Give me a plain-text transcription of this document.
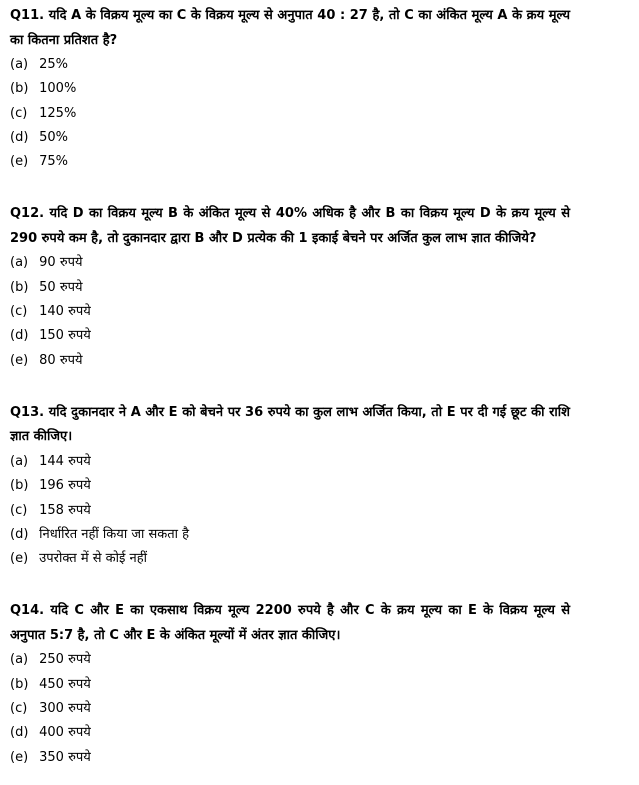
Q11. यदि A के विक्रय मूल्य का C के विक्रय मूल्य से अनुपात 40 : 27 है, तो C का अंकित मूल्य A के क्रय मूल्य का कितना प्रतिशत है?

(a) 25%

(b) 100%

(c) 125%

(d) 50%

(e) 75%

Q12. यदि D का विक्रय मूल्य B के अंकित मूल्य से 40% अधिक है और B का विक्रय मूल्य D के क्रय मूल्य से 290 रुपये कम है, तो दुकानदार द्वारा B और D प्रत्येक की 1 इकाई बेचने पर अर्जित कुल लाभ ज्ञात कीजिये?

(a) 90 रुपये

(b) 50 रुपये

(c) 140 रुपये

(d) 150 रुपये

(e) 80 रुपये

Q13. यदि दुकानदार ने A और E को बेचने पर 36 रुपये का कुल लाभ अर्जित किया, तो E पर दी गई छूट की राशि ज्ञात कीजिए।

(a) 144 रुपये

(b) 196 रुपये

(c) 158 रुपये

(d) निर्धारित नहीं किया जा सकता है

(e) उपरोक्त में से कोई नहीं

Q14. यदि C और E का एकसाथ विक्रय मूल्य 2200 रुपये है और C के क्रय मूल्य का E के विक्रय मूल्य से अनुपात 5:7 है, तो C और E के अंकित मूल्यों में अंतर ज्ञात कीजिए।

(a) 250 रुपये

(b) 450 रुपये

(c) 300 रुपये

(d) 400 रुपये

(e) 350 रुपये
